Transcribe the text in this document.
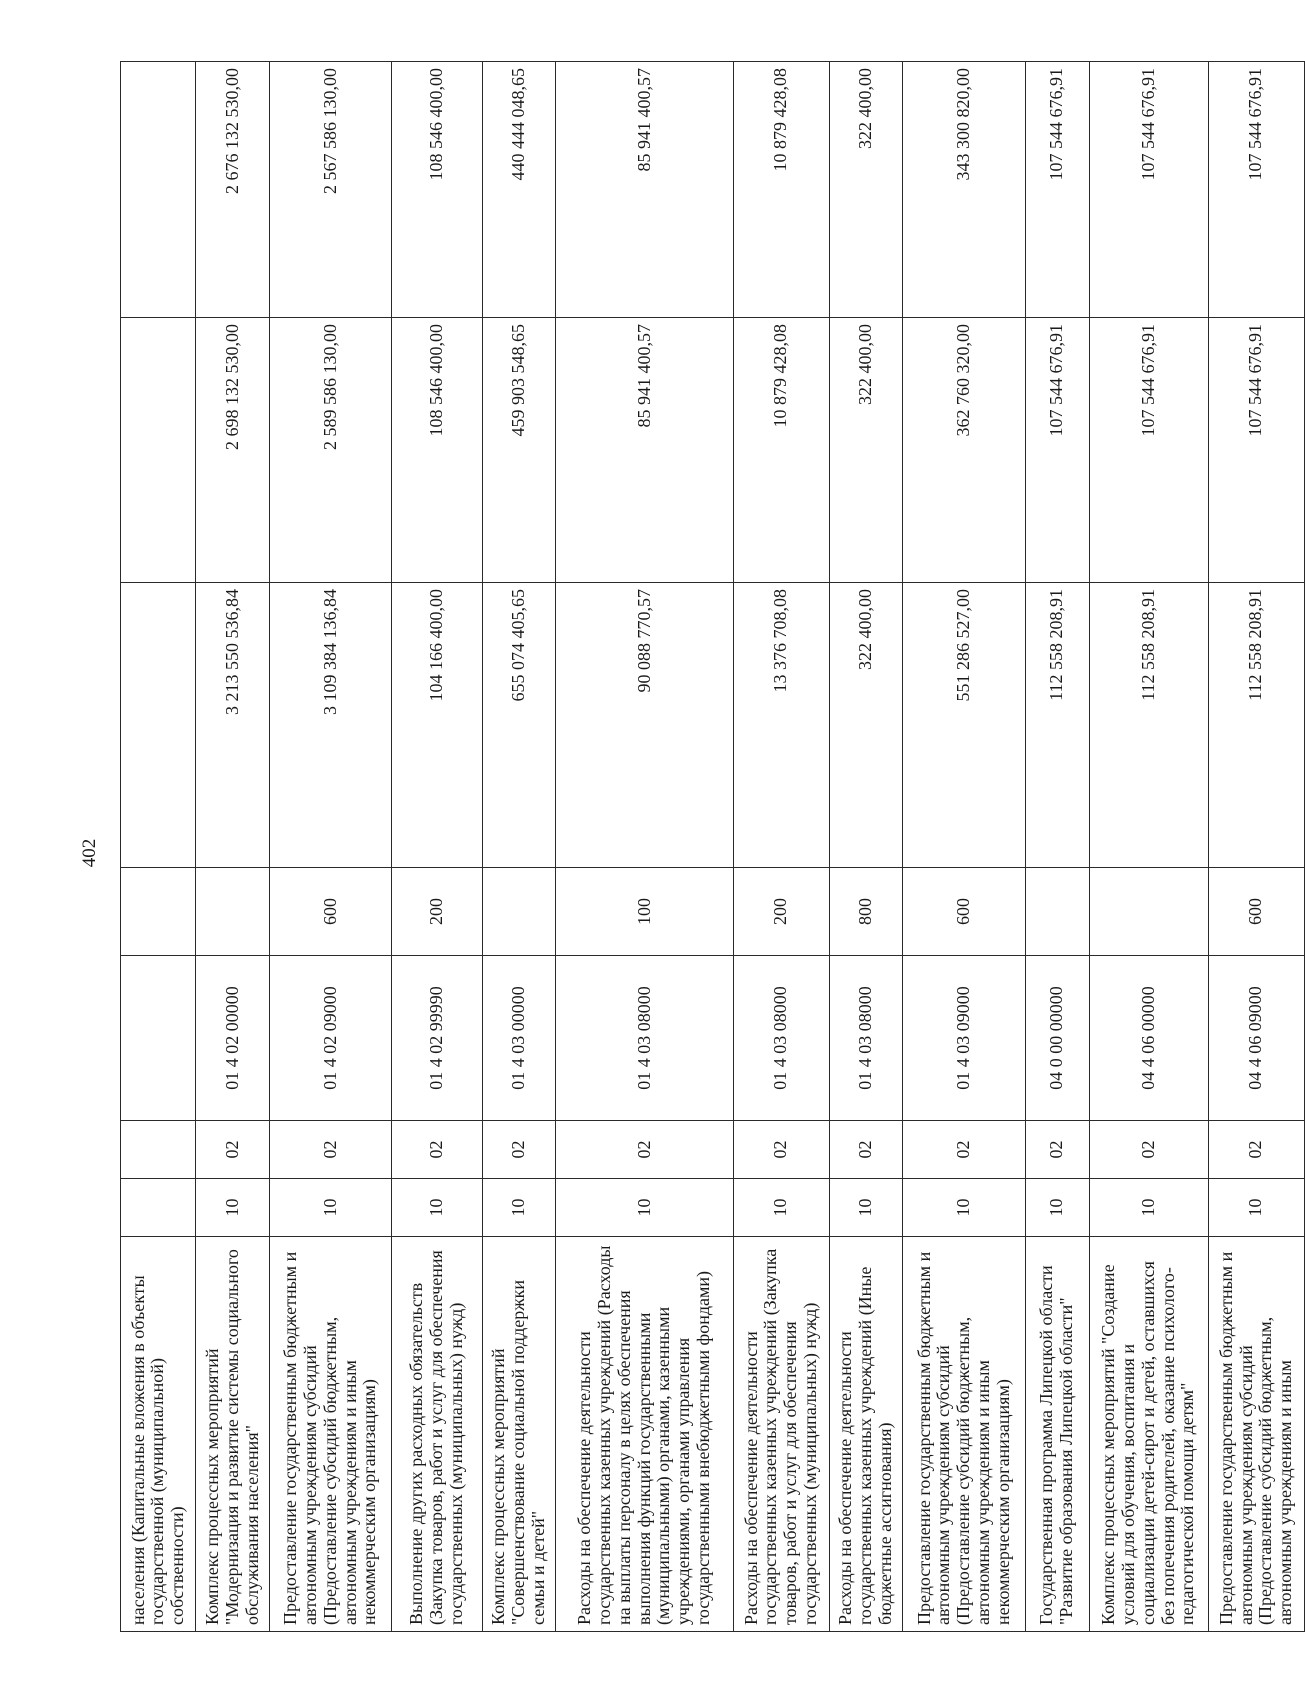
402
населения (Капитальные вложения в объекты государственной (муниципальной) собственности)							
Комплекс процессных мероприятий "Модернизация и развитие системы социального обслуживания населения"	10	02	01 4 02 00000		3 213 550 536,84	2 698 132 530,00	2 676 132 530,00
Предоставление государственным бюджетным и автономным учреждениям субсидий (Предоставление субсидий бюджетным, автономным учреждениям и иным некоммерческим организациям)	10	02	01 4 02 09000	600	3 109 384 136,84	2 589 586 130,00	2 567 586 130,00
Выполнение других расходных обязательств (Закупка товаров, работ и услуг для обеспечения государственных (муниципальных) нужд)	10	02	01 4 02 99990	200	104 166 400,00	108 546 400,00	108 546 400,00
Комплекс процессных мероприятий "Совершенствование социальной поддержки семьи и детей"	10	02	01 4 03 00000		655 074 405,65	459 903 548,65	440 444 048,65
Расходы на обеспечение деятельности государственных казенных учреждений (Расходы на выплаты персоналу в целях обеспечения выполнения функций государственными (муниципальными) органами, казенными учреждениями, органами управления государственными внебюджетными фондами)	10	02	01 4 03 08000	100	90 088 770,57	85 941 400,57	85 941 400,57
Расходы на обеспечение деятельности государственных казенных учреждений (Закупка товаров, работ и услуг для обеспечения государственных (муниципальных) нужд)	10	02	01 4 03 08000	200	13 376 708,08	10 879 428,08	10 879 428,08
Расходы на обеспечение деятельности государственных казенных учреждений (Иные бюджетные ассигнования)	10	02	01 4 03 08000	800	322 400,00	322 400,00	322 400,00
Предоставление государственным бюджетным и автономным учреждениям субсидий (Предоставление субсидий бюджетным, автономным учреждениям и иным некоммерческим организациям)	10	02	01 4 03 09000	600	551 286 527,00	362 760 320,00	343 300 820,00
Государственная программа Липецкой области "Развитие образования Липецкой области"	10	02	04 0 00 00000		112 558 208,91	107 544 676,91	107 544 676,91
Комплекс процессных мероприятий "Создание условий для обучения, воспитания и социализации детей-сирот и детей, оставшихся без попечения родителей, оказание психолого-педагогической помощи детям"	10	02	04 4 06 00000		112 558 208,91	107 544 676,91	107 544 676,91
Предоставление государственным бюджетным и автономным учреждениям субсидий (Предоставление субсидий бюджетным, автономным учреждениям и иным	10	02	04 4 06 09000	600	112 558 208,91	107 544 676,91	107 544 676,91
